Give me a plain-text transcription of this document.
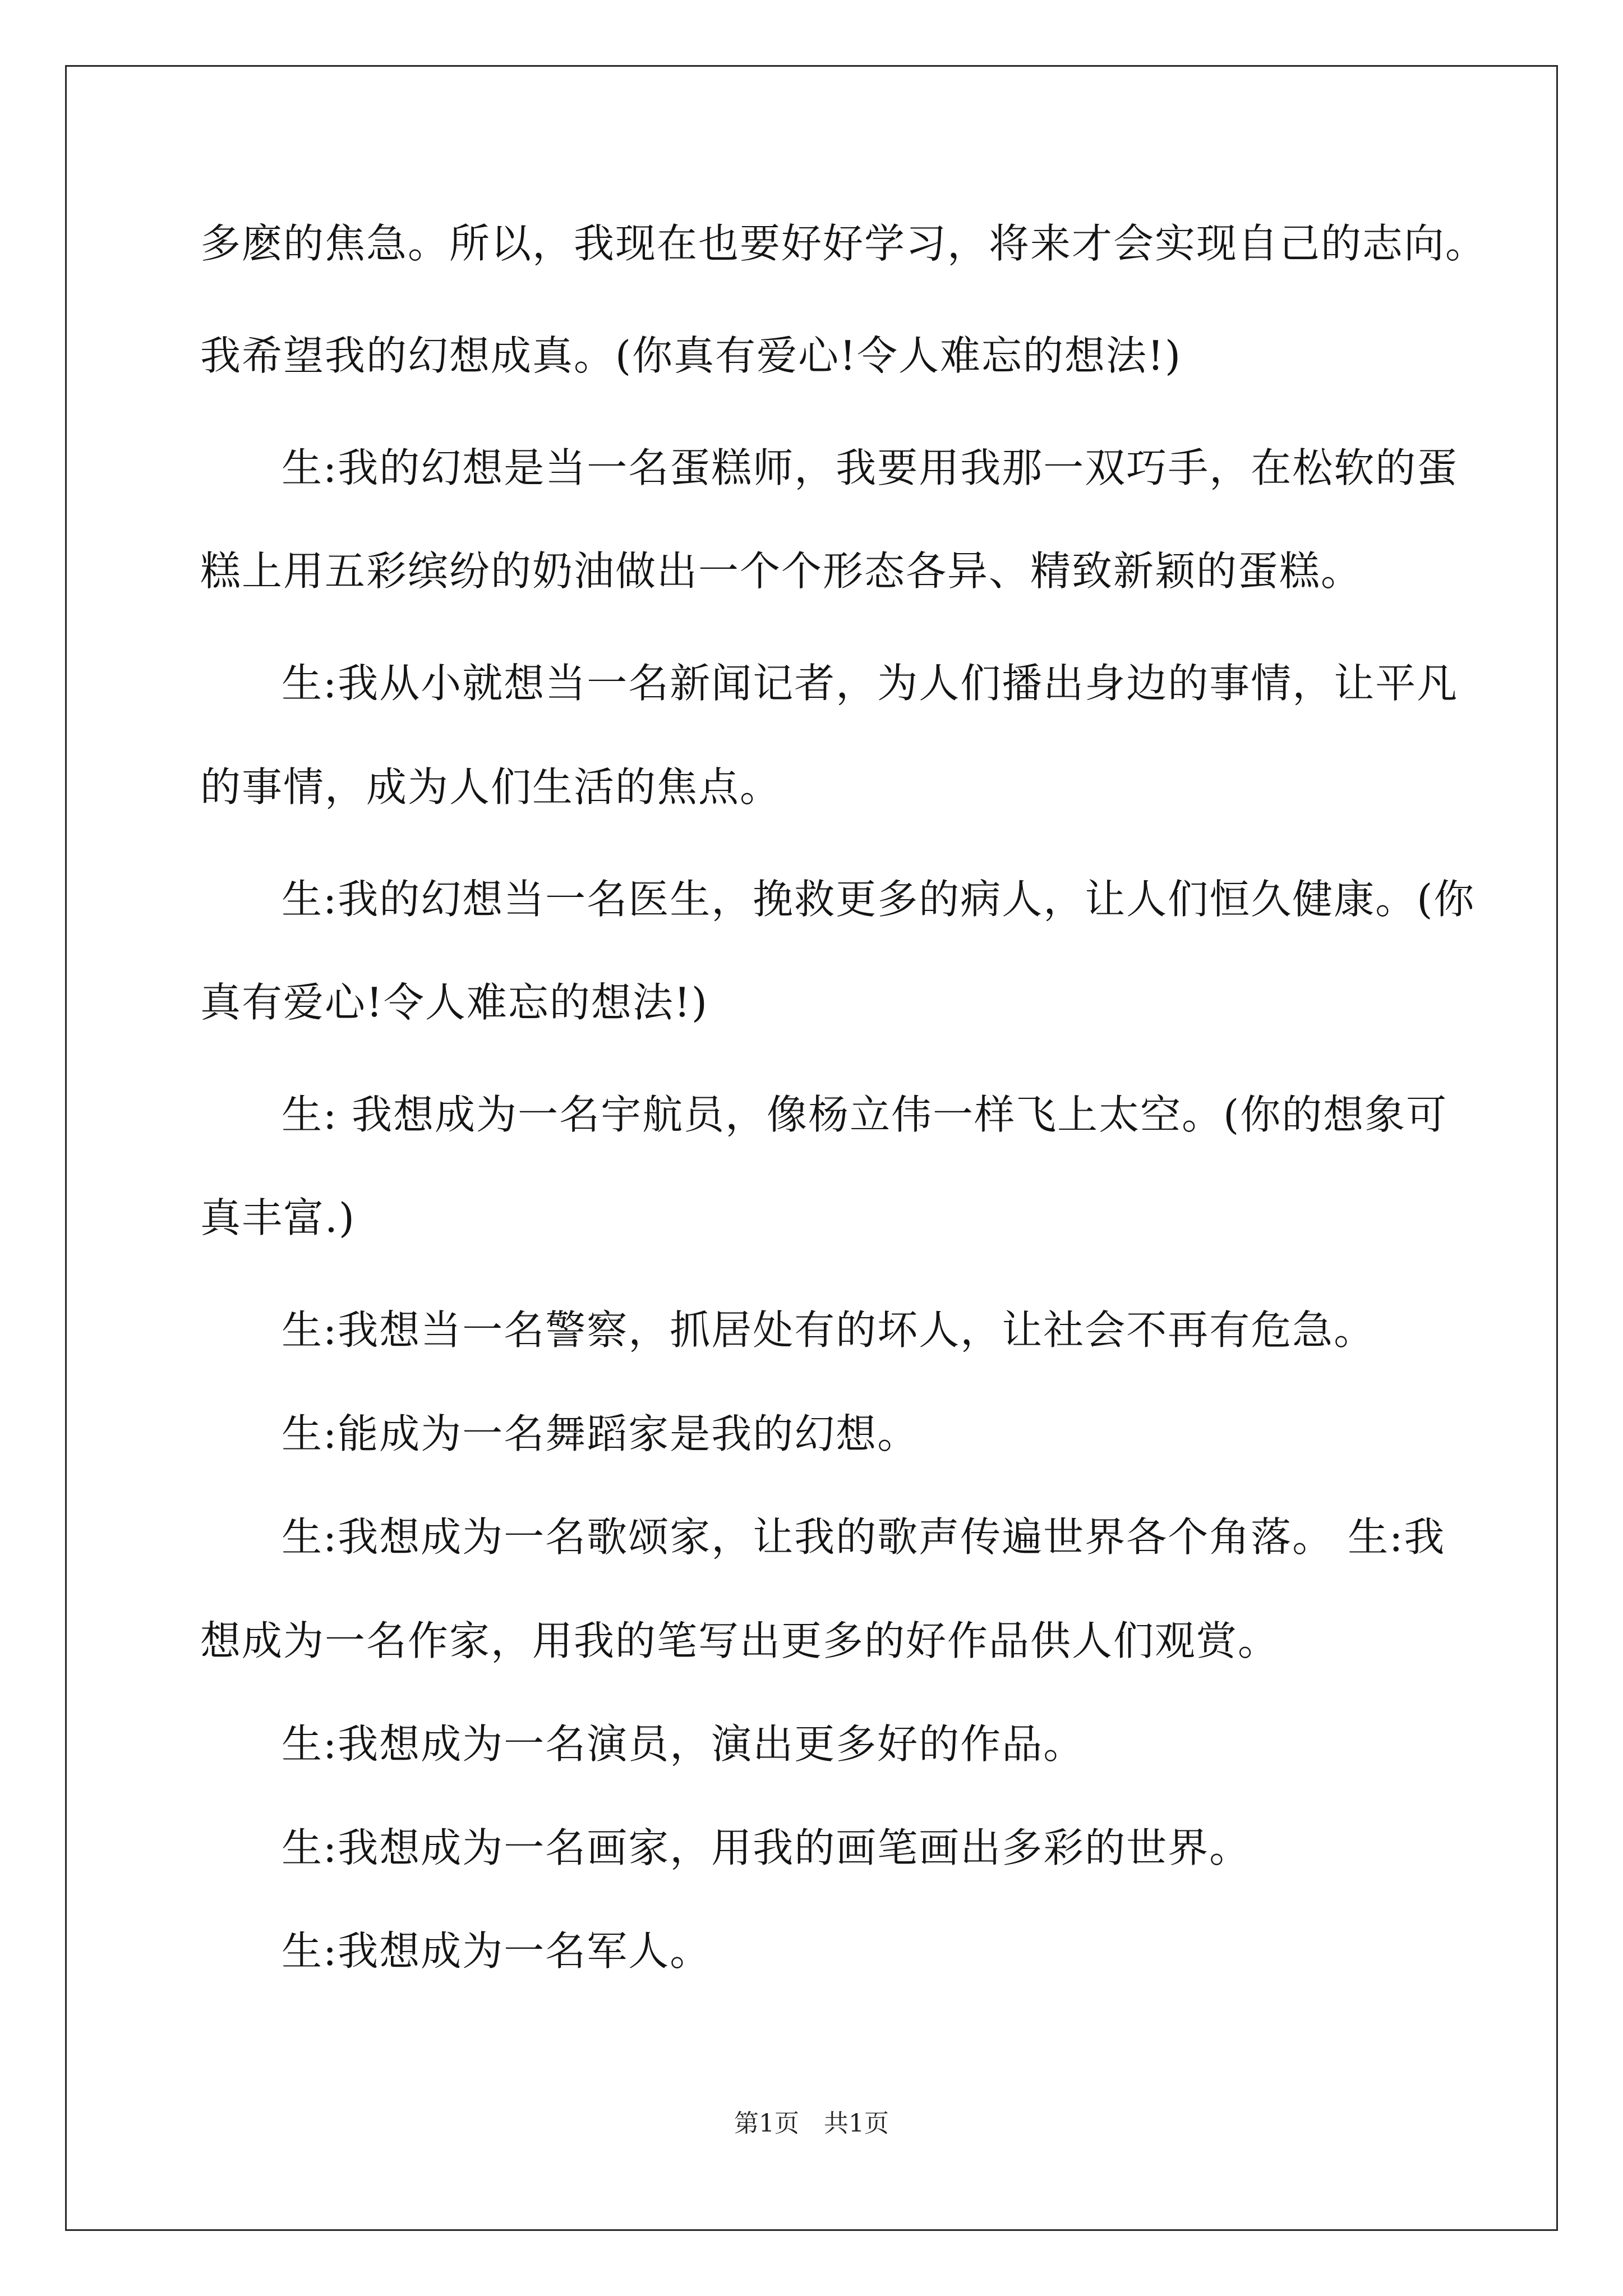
多麽的焦急。所以，我现在也要好好学习，将来才会实现自己的志向。

我希望我的幻想成真。(你真有爱心!令人难忘的想法!)

生:我的幻想是当一名蛋糕师，我要用我那一双巧手，在松软的蛋

糕上用五彩缤纷的奶油做出一个个形态各异、精致新颖的蛋糕。

生:我从小就想当一名新闻记者，为人们播出身边的事情，让平凡

的事情，成为人们生活的焦点。

生:我的幻想当一名医生，挽救更多的病人，让人们恒久健康。(你

真有爱心!令人难忘的想法!)

生: 我想成为一名宇航员，像杨立伟一样飞上太空。(你的想象可

真丰富.)

生:我想当一名警察，抓居处有的坏人，让社会不再有危急。

生:能成为一名舞蹈家是我的幻想。

生:我想成为一名歌颂家，让我的歌声传遍世界各个角落。 生:我

想成为一名作家，用我的笔写出更多的好作品供人们观赏。

生:我想成为一名演员，演出更多好的作品。

生:我想成为一名画家，用我的画笔画出多彩的世界。

生:我想成为一名军人。

第1页　共1页
